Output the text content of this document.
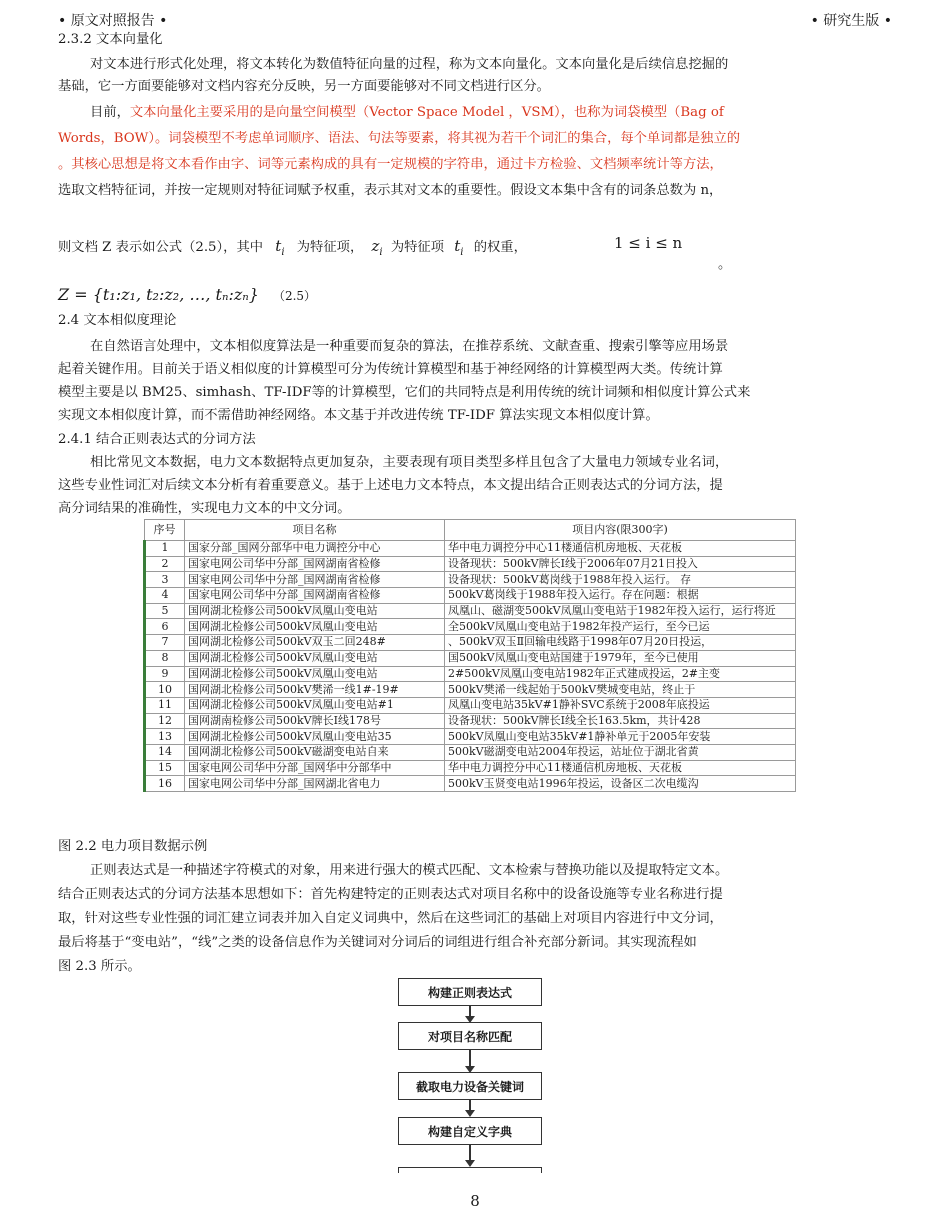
• 原文对照报告 •	• 研究生版 •
2.3.2 文本向量化
对文本进行形式化处理，将文本转化为数值特征向量的过程，称为文本向量化。文本向量化是后续信息挖掘的
基础，它一方面要能够对文档内容充分反映，另一方面要能够对不同文档进行区分。
目前，文本向量化主要采用的是向量空间模型（Vector Space Model ，VSM），也称为词袋模型（Bag of
Words，BOW）。词袋模型不考虑单词顺序、语法、句法等要素，将其视为若干个词汇的集合，每个单词都是独立的
。其核心思想是将文本看作由字、词等元素构成的具有一定规模的字符串，通过卡方检验、文档频率统计等方法，
选取文档特征词，并按一定规则对特征词赋予权重，表示其对文本的重要性。假设文本集中含有的词条总数为 n，
则文档 Z 表示如公式（2.5），其中 $t_i$ 为特征项， $z_i$ 为特征项 $t_i$ 的权重，	1 ≤ i ≤ n
。
Z = {t₁:z₁, t₂:z₂, …, tₙ:zₙ} （2.5）
2.4 文本相似度理论
在自然语言处理中，文本相似度算法是一种重要而复杂的算法，在推荐系统、文献查重、搜索引擎等应用场景
起着关键作用。目前关于语义相似度的计算模型可分为传统计算模型和基于神经网络的计算模型两大类。传统计算
模型主要是以 BM25、simhash、TF-IDF等的计算模型，它们的共同特点是利用传统的统计词频和相似度计算公式来
实现文本相似度计算，而不需借助神经网络。本文基于并改进传统 TF-IDF 算法实现文本相似度计算。
2.4.1 结合正则表达式的分词方法
相比常见文本数据，电力文本数据特点更加复杂，主要表现有项目类型多样且包含了大量电力领域专业名词，
这些专业性词汇对后续文本分析有着重要意义。基于上述电力文本特点，本文提出结合正则表达式的分词方法，提
高分词结果的准确性，实现电力文本的中文分词。
图 2.2 电力项目数据示例
正则表达式是一种描述字符模式的对象，用来进行强大的模式匹配、文本检索与替换功能以及提取特定文本。
结合正则表达式的分词方法基本思想如下：首先构建特定的正则表达式对项目名称中的设备设施等专业名称进行提
取，针对这些专业性强的词汇建立词表并加入自定义词典中，然后在这些词汇的基础上对项目内容进行中文分词，
最后将基于“变电站”，“线”之类的设备信息作为关键词对分词后的词组进行组合补充部分新词。其实现流程如
图 2.3 所示。
序号	项目名称	项目内容(限300字)
1	国家分部_国网分部华中电力调控分中心	华中电力调控分中心11楼通信机房地板、天花板
2	国家电网公司华中分部_国网湖南省检修	设备现状：500kV牌长Ⅰ线于2006年07月21日投入
3	国家电网公司华中分部_国网湖南省检修	设备现状：500kV葛岗线于1988年投入运行。 存
4	国家电网公司华中分部_国网湖南省检修	500kV葛岗线于1988年投入运行。存在问题：根据
5	国网湖北检修公司500kV凤凰山变电站	凤凰山、磁湖变500kV凤凰山变电站于1982年投入运行，运行将近
6	国网湖北检修公司500kV凤凰山变电站	全500kV凤凰山变电站于1982年投产运行，至今已运
7	国网湖北检修公司500kV双玉二回248#	、500kV双玉Ⅱ回输电线路于1998年07月20日投运，
8	国网湖北检修公司500kV凤凰山变电站	国500kV凤凰山变电站国建于1979年，至今已使用
9	国网湖北检修公司500kV凤凰山变电站	2#500kV凤凰山变电站1982年正式建成投运，2#主变
10	国网湖北检修公司500kV樊浠一线1#-19#	500kV樊浠一线起始于500kV樊城变电站，终止于
11	国网湖北检修公司500kV凤凰山变电站#1	凤凰山变电站35kV#1静补SVC系统于2008年底投运
12	国网湖南检修公司500kV牌长Ⅰ线178号	设备现状：500kV牌长Ⅰ线全长163.5km，共计428
13	国网湖北检修公司500kV凤凰山变电站35	500kV凤凰山变电站35kV#1静补单元于2005年安装
14	国网湖北检修公司500kV磁湖变电站自来	500kV磁湖变电站2004年投运，站址位于湖北省黄
15	国家电网公司华中分部_国网华中分部华中	华中电力调控分中心11楼通信机房地板、天花板
16	国家电网公司华中分部_国网湖北省电力	500kV玉贤变电站1996年投运，设备区二次电缆沟
构建正则表达式
对项目名称匹配
截取电力设备关键词
构建自定义字典
8
